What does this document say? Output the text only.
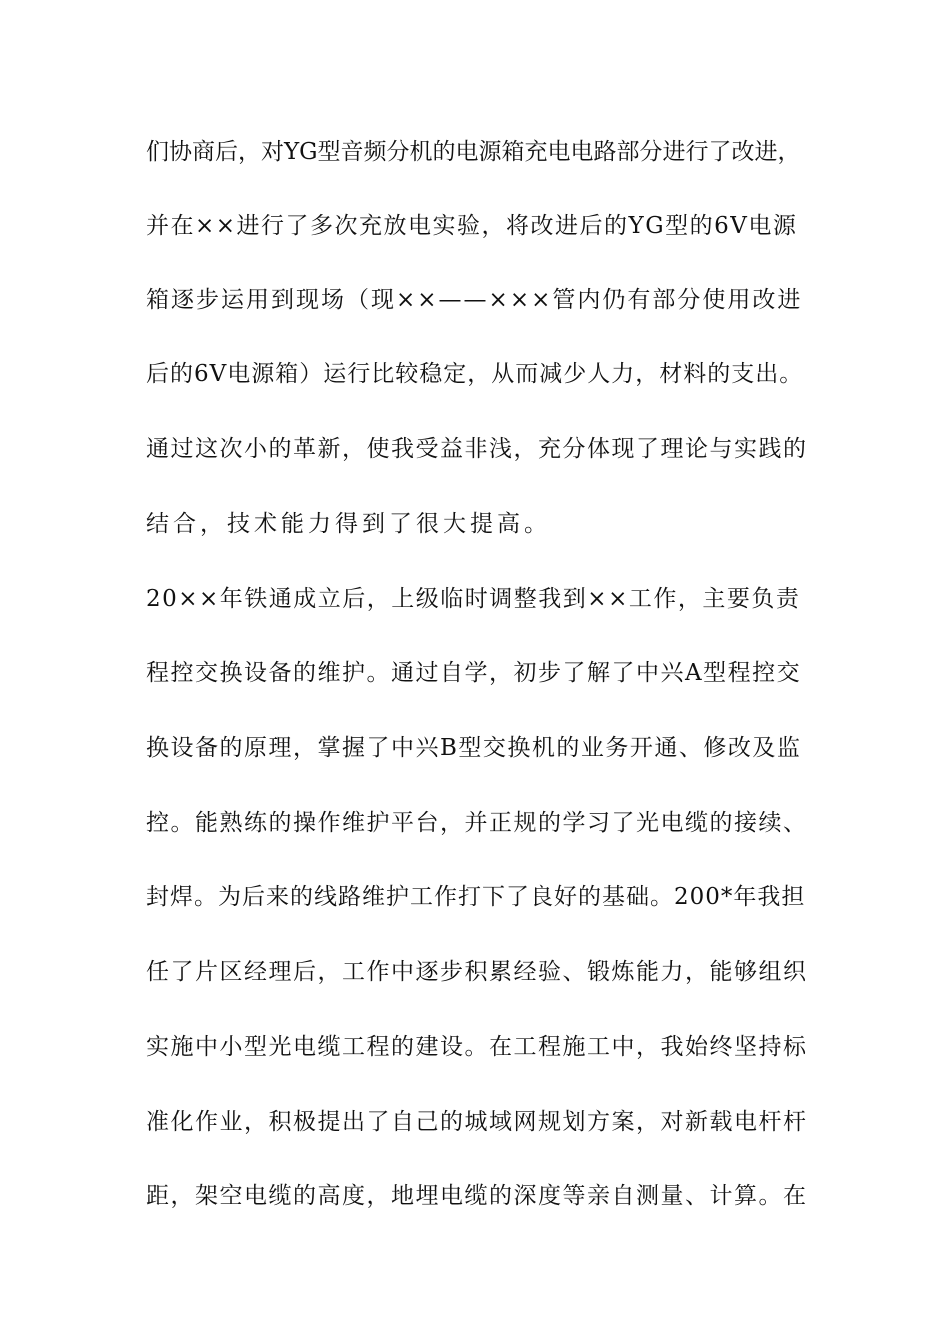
们协商后，对YG型音频分机的电源箱充电电路部分进行了改进，
并在××进行了多次充放电实验，将改进后的YG型的6V电源
箱逐步运用到现场（现××——×××管内仍有部分使用改进
后的6V电源箱）运行比较稳定，从而减少人力，材料的支出。
通过这次小的革新，使我受益非浅，充分体现了理论与实践的
结合，技术能力得到了很大提高。
20××年铁通成立后，上级临时调整我到××工作，主要负责
程控交换设备的维护。通过自学，初步了解了中兴A型程控交
换设备的原理，掌握了中兴B型交换机的业务开通、修改及监
控。能熟练的操作维护平台，并正规的学习了光电缆的接续、
封焊。为后来的线路维护工作打下了良好的基础。200*年我担
任了片区经理后，工作中逐步积累经验、锻炼能力，能够组织
实施中小型光电缆工程的建设。在工程施工中，我始终坚持标
准化作业，积极提出了自己的城域网规划方案，对新载电杆杆
距，架空电缆的高度，地埋电缆的深度等亲自测量、计算。在
